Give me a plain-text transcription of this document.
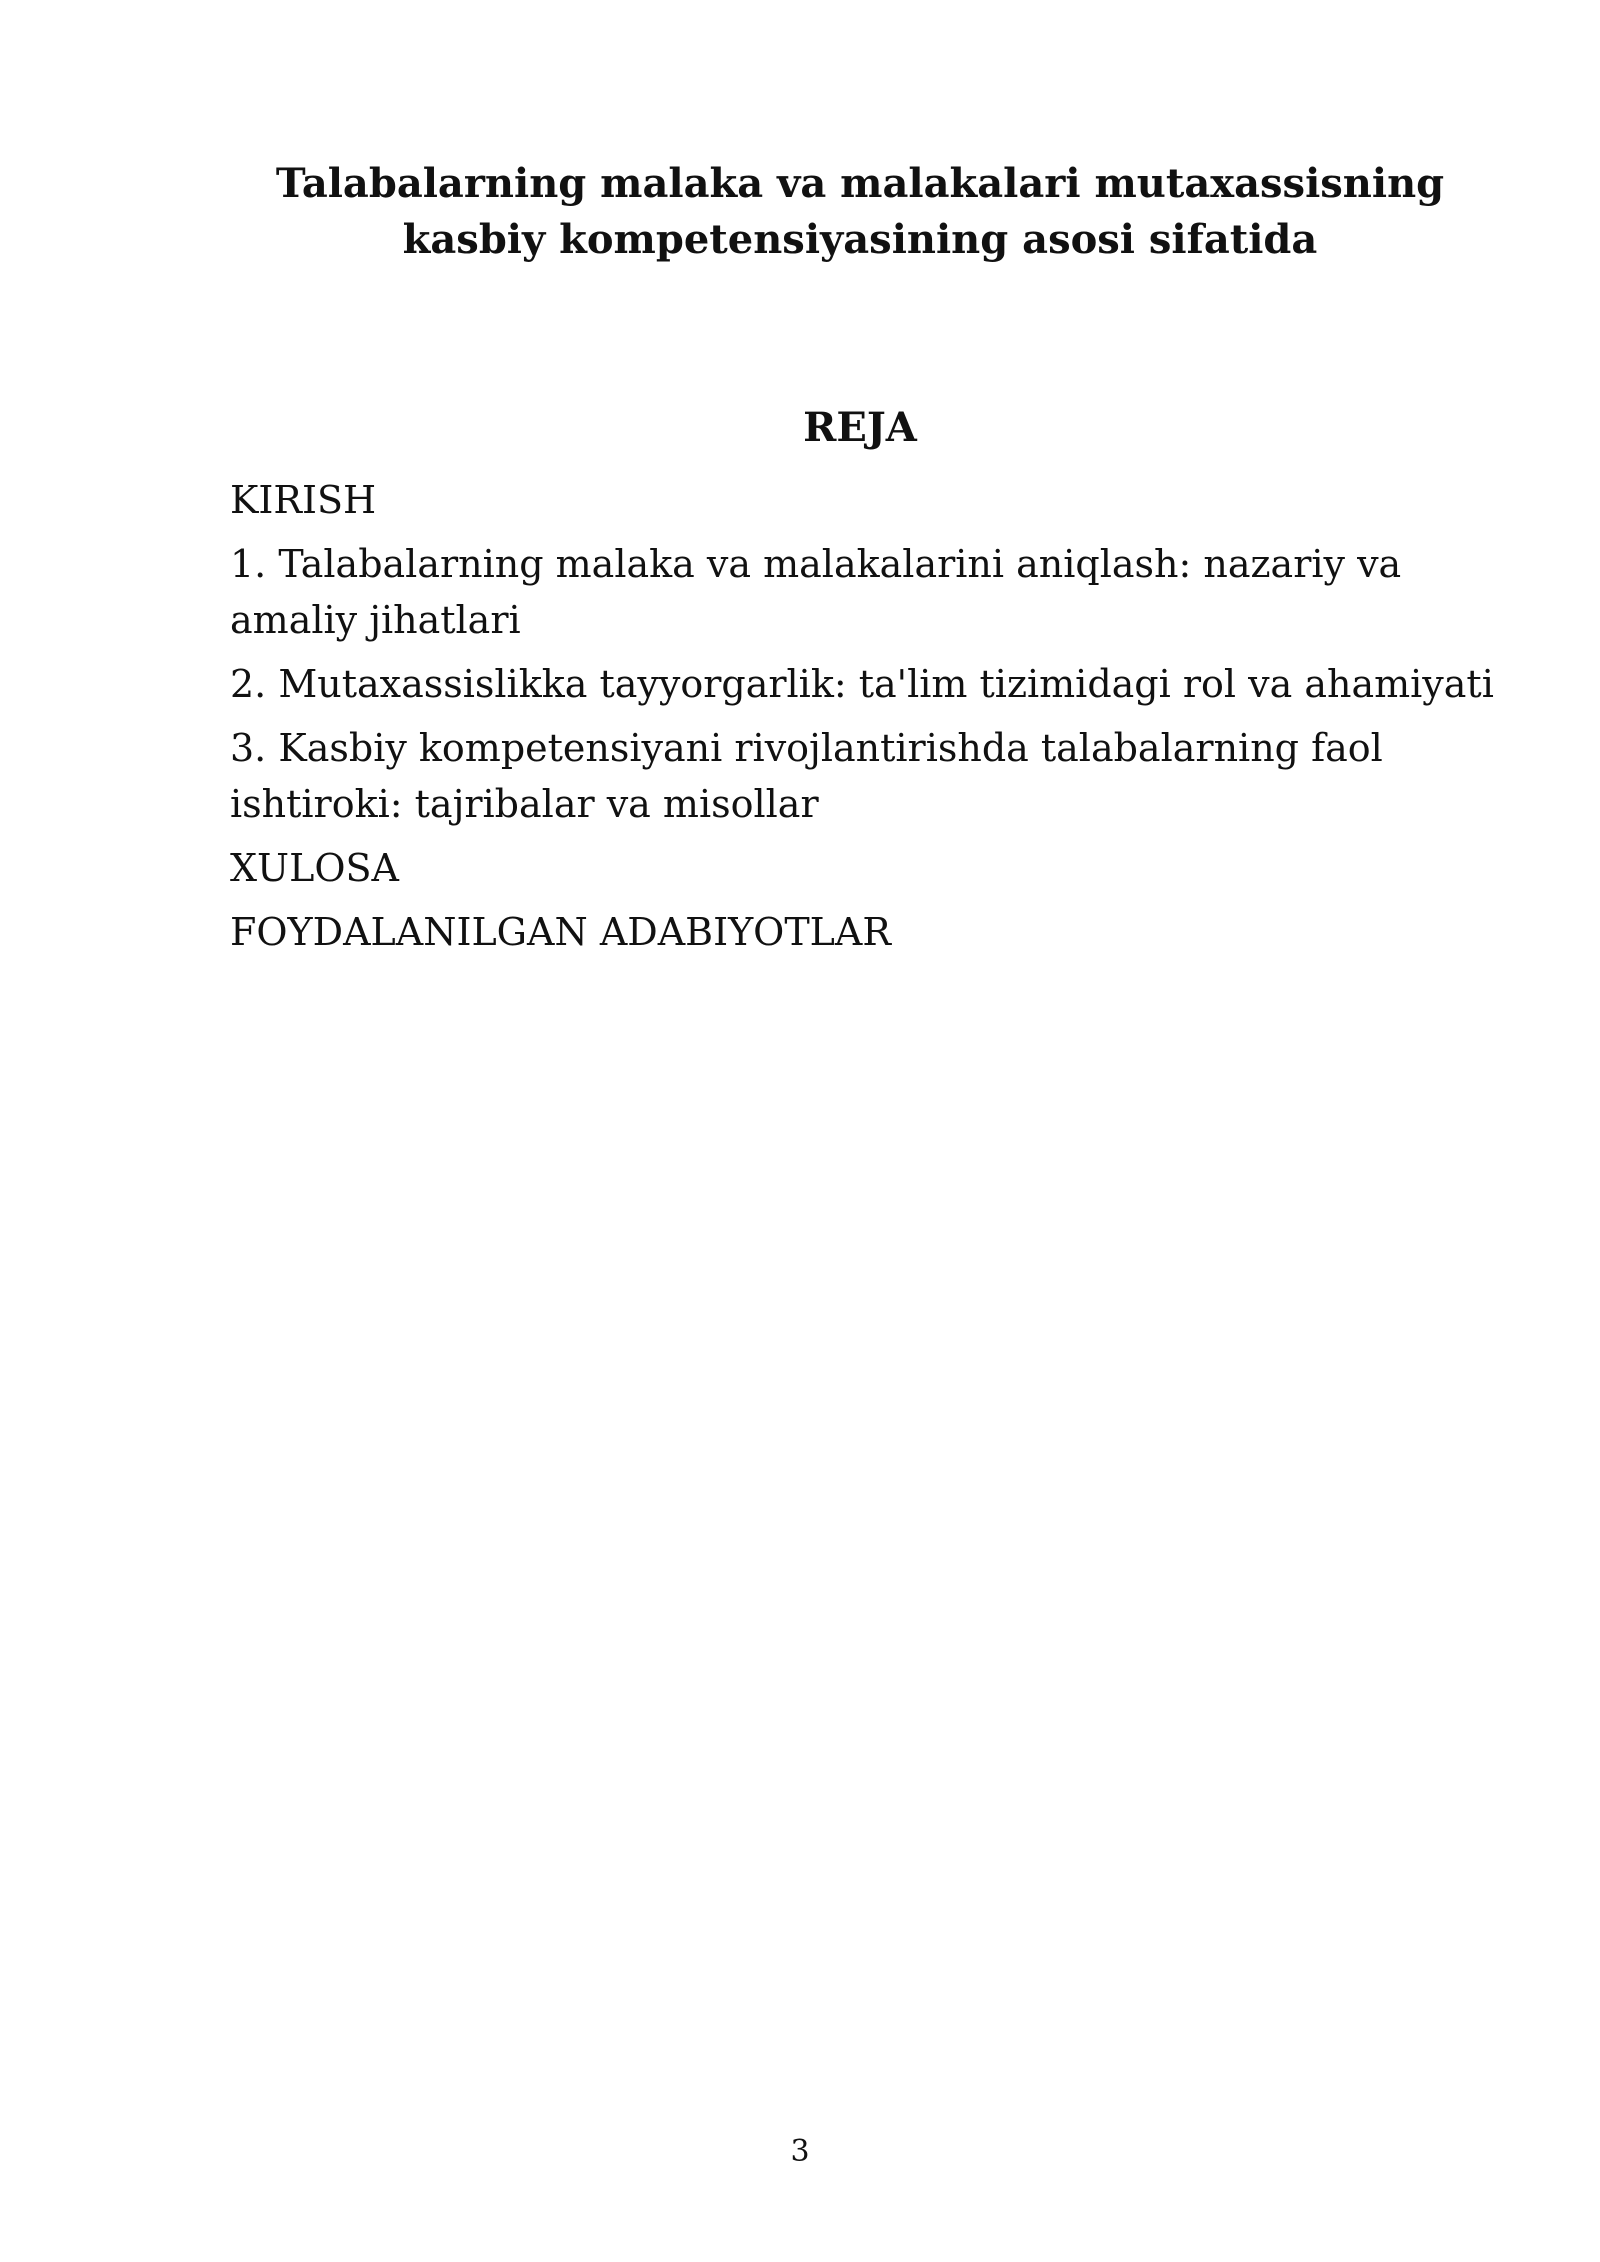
Talabalarning malaka va malakalari mutaxassisning kasbiy kompetensiyasining asosi sifatida
REJA
KIRISH
1. Talabalarning malaka va malakalarini aniqlash: nazariy va amaliy jihatlari
2. Mutaxassislikka tayyorgarlik: ta'lim tizimidagi rol va ahamiyati
3. Kasbiy kompetensiyani rivojlantirishda talabalarning faol ishtiroki: tajribalar va misollar
XULOSA
FOYDALANILGAN ADABIYOTLAR

3
